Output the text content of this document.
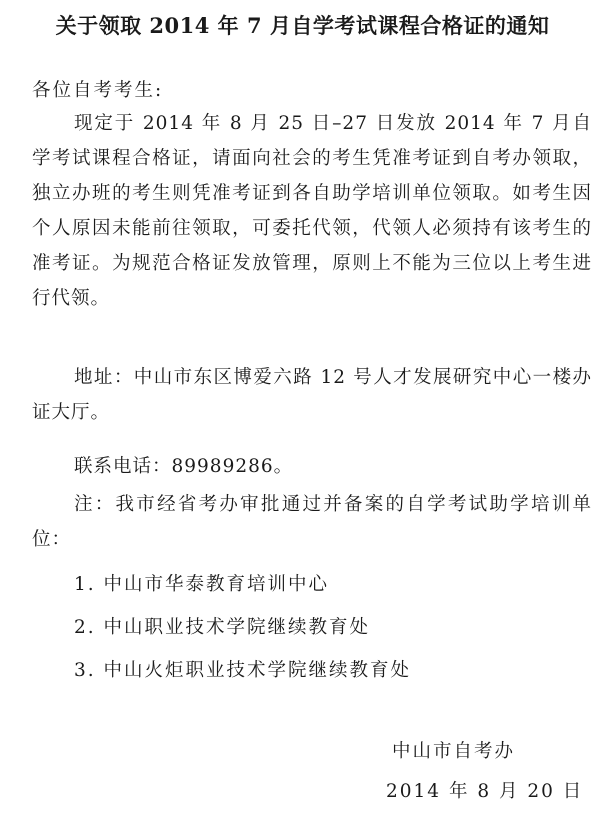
关于领取 2014 年 7 月自学考试课程合格证的通知
各位自考考生:
现定于 2014 年 8 月 25 日–27 日发放 2014 年 7 月自学考试课程合格证，请面向社会的考生凭准考证到自考办领取，独立办班的考生则凭准考证到各自助学培训单位领取。如考生因个人原因未能前往领取，可委托代领，代领人必须持有该考生的准考证。为规范合格证发放管理，原则上不能为三位以上考生进行代领。
地址：中山市东区博爱六路 12 号人才发展研究中心一楼办证大厅。
联系电话：89989286。
注：我市经省考办审批通过并备案的自学考试助学培训单位：
1. 中山市华泰教育培训中心
2. 中山职业技术学院继续教育处
3. 中山火炬职业技术学院继续教育处
中山市自考办
2014 年 8 月 20 日
